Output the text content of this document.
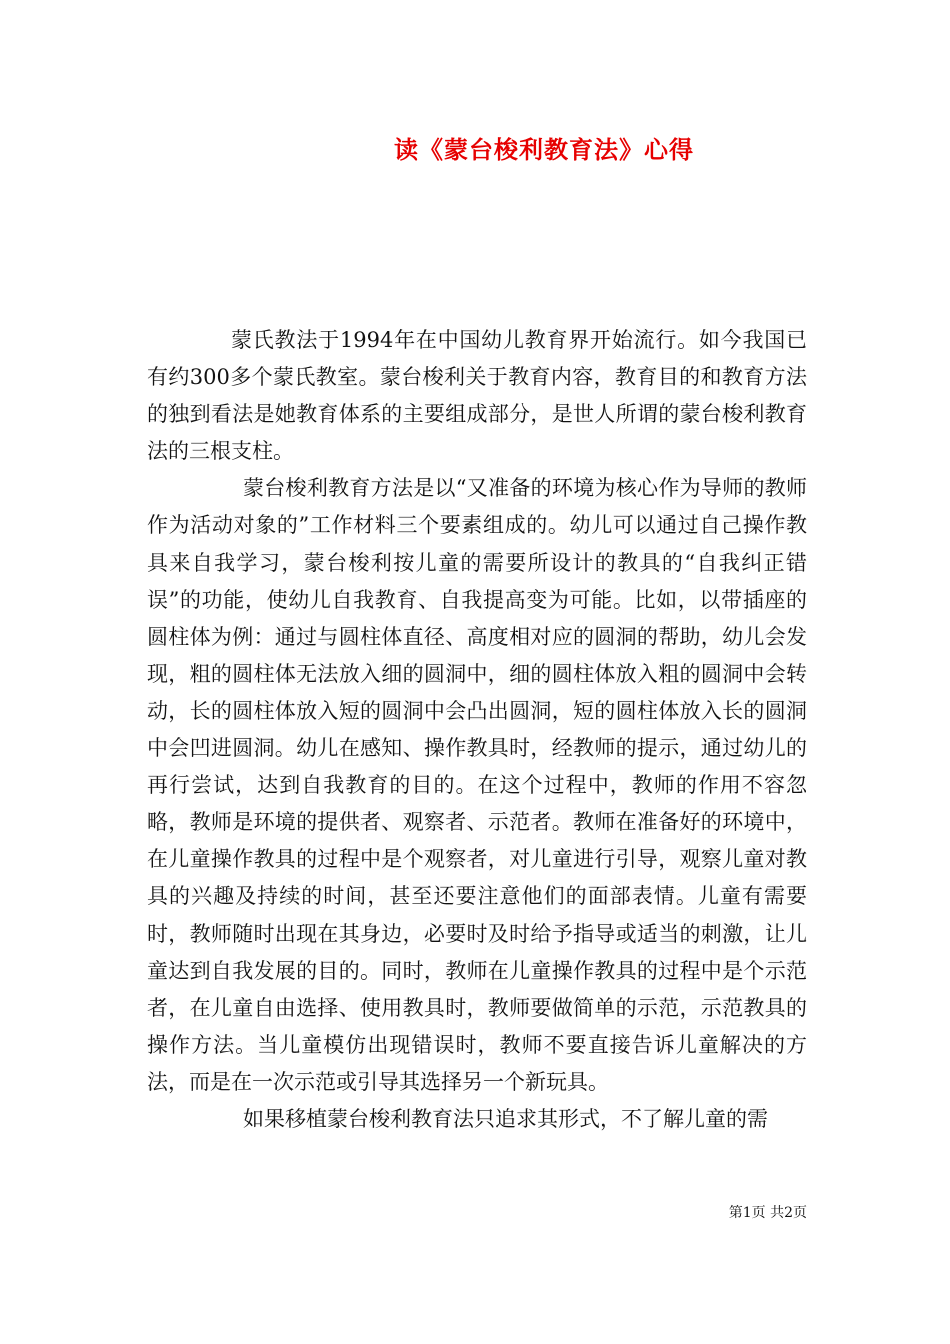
读《蒙台梭利教育法》心得

蒙氏教法于1994年在中国幼儿教育界开始流行。如今我国已有约300多个蒙氏教室。蒙台梭利关于教育内容，教育目的和教育方法的独到看法是她教育体系的主要组成部分，是世人所谓的蒙台梭利教育法的三根支柱。

蒙台梭利教育方法是以“又准备的环境为核心作为导师的教师作为活动对象的”工作材料三个要素组成的。幼儿可以通过自己操作教具来自我学习，蒙台梭利按儿童的需要所设计的教具的“自我纠正错误”的功能，使幼儿自我教育、自我提高变为可能。比如，以带插座的圆柱体为例：通过与圆柱体直径、高度相对应的圆洞的帮助，幼儿会发现，粗的圆柱体无法放入细的圆洞中，细的圆柱体放入粗的圆洞中会转动，长的圆柱体放入短的圆洞中会凸出圆洞，短的圆柱体放入长的圆洞中会凹进圆洞。幼儿在感知、操作教具时，经教师的提示，通过幼儿的再行尝试，达到自我教育的目的。在这个过程中，教师的作用不容忽略，教师是环境的提供者、观察者、示范者。教师在准备好的环境中，在儿童操作教具的过程中是个观察者，对儿童进行引导，观察儿童对教具的兴趣及持续的时间，甚至还要注意他们的面部表情。儿童有需要时，教师随时出现在其身边，必要时及时给予指导或适当的刺激，让儿童达到自我发展的目的。同时，教师在儿童操作教具的过程中是个示范者，在儿童自由选择、使用教具时，教师要做简单的示范，示范教具的操作方法。当儿童模仿出现错误时，教师不要直接告诉儿童解决的方法，而是在一次示范或引导其选择另一个新玩具。

如果移植蒙台梭利教育法只追求其形式，不了解儿童的需

第1页 共2页
